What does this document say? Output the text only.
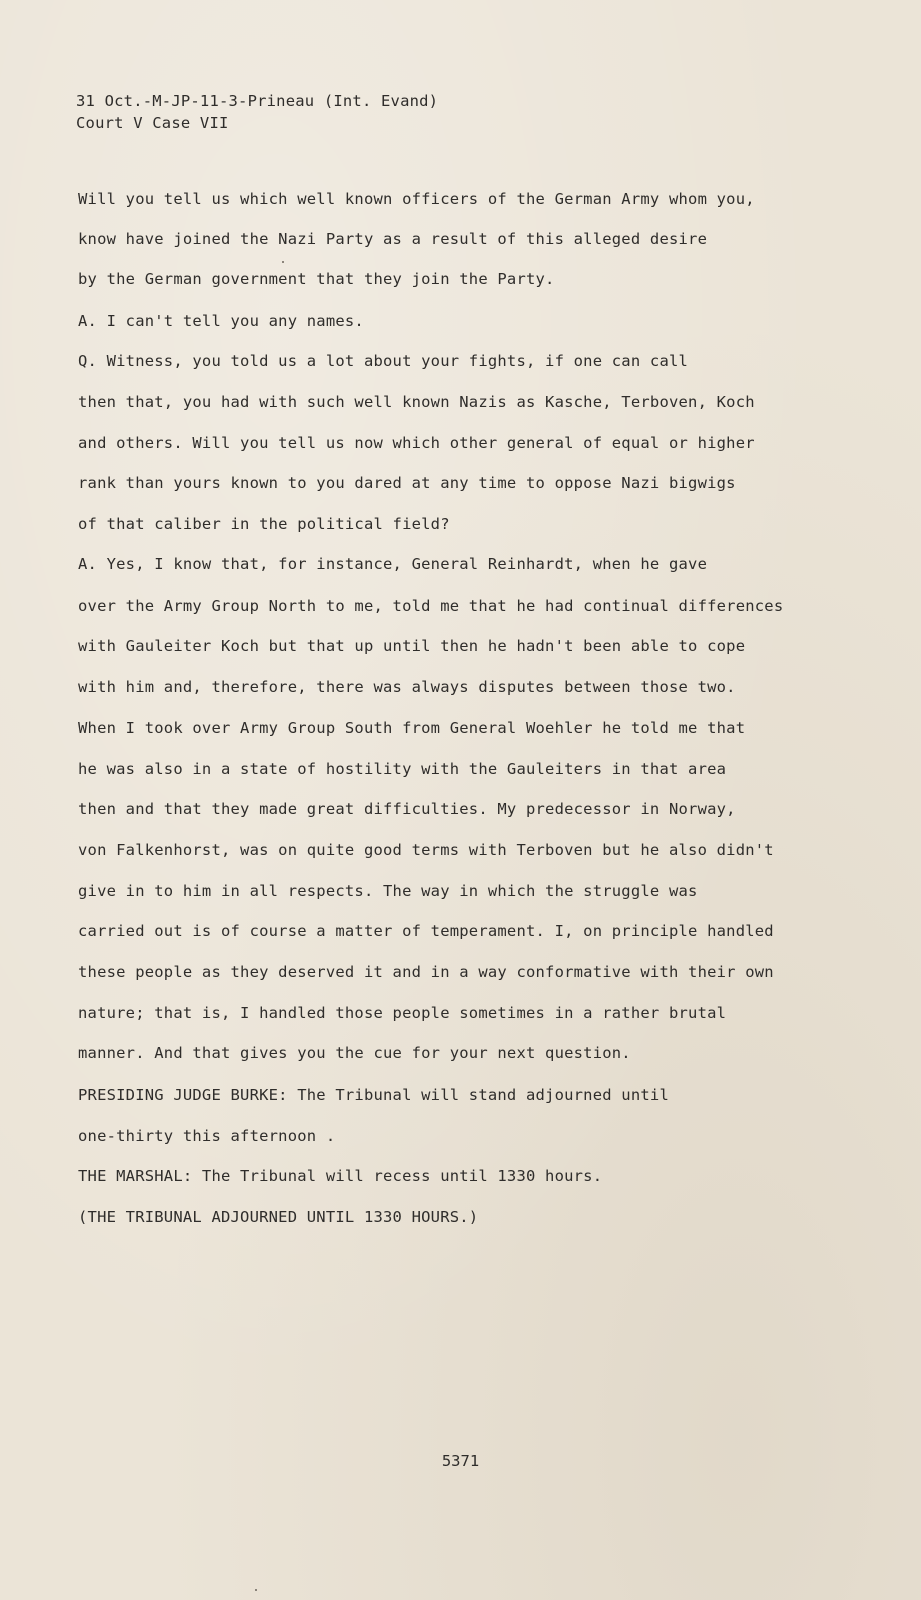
31 Oct.-M-JP-11-3-Prineau (Int. Evand)

Court V Case VII

Will you tell us which well known officers of the German Army whom you,

know have joined the Nazi Party as a result of this alleged desire

by the German government that they join the Party.

A. I can't tell you any names.

Q. Witness, you told us a lot about your fights, if one can call

then that, you had with such well known Nazis as Kasche, Terboven, Koch

and others. Will you tell us now which other general of equal or higher

rank than yours known to you dared at any time to oppose Nazi bigwigs

of that caliber in the political field?

A. Yes, I know that, for instance, General Reinhardt, when he gave

over the Army Group North to me, told me that he had continual differences

with Gauleiter Koch but that up until then he hadn't been able to cope

with him and, therefore, there was always disputes between those two.

When I took over Army Group South from General Woehler he told me that

he was also in a state of hostility with the Gauleiters in that area

then and that they made great difficulties. My predecessor in Norway,

von Falkenhorst, was on quite good terms with Terboven but he also didn't

give in to him in all respects. The way in which the struggle was

carried out is of course a matter of temperament. I, on principle handled

these people as they deserved it and in a way conformative with their own

nature; that is, I handled those people sometimes in a rather brutal

manner. And that gives you the cue for your next question.

PRESIDING JUDGE BURKE: The Tribunal will stand adjourned until

one-thirty this afternoon .

THE MARSHAL: The Tribunal will recess until 1330 hours.

(THE TRIBUNAL ADJOURNED UNTIL 1330 HOURS.)

5371
